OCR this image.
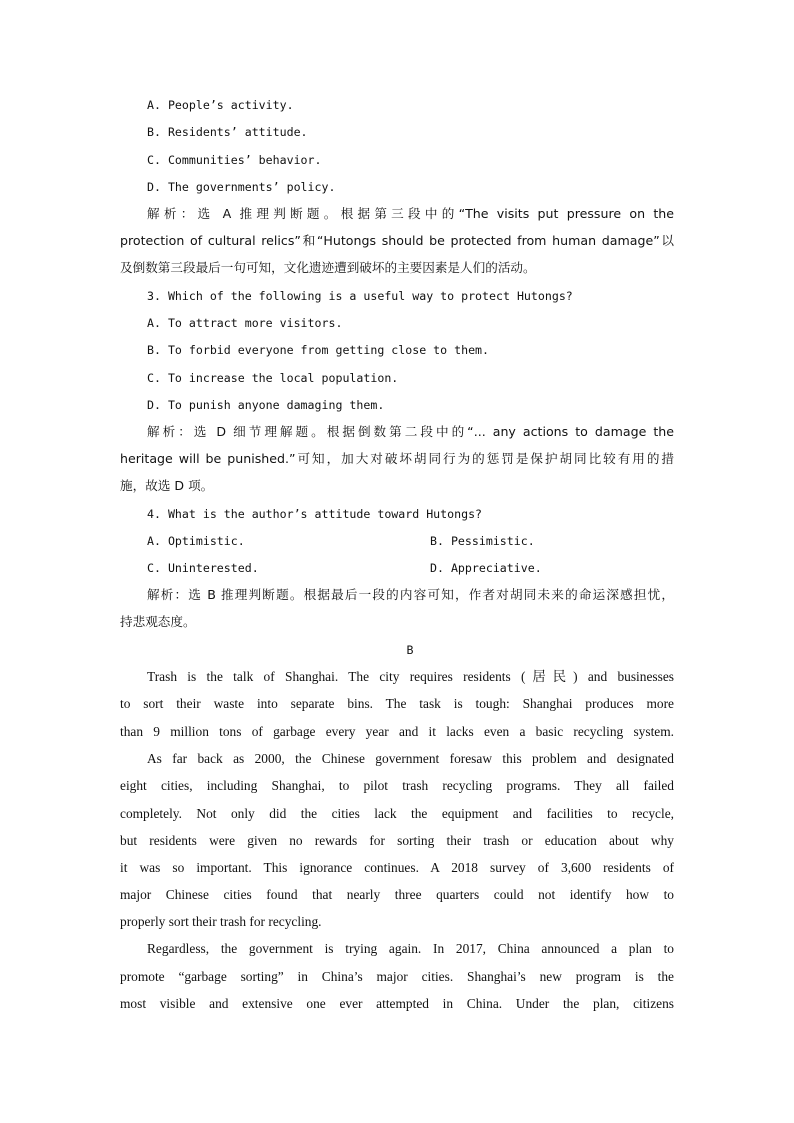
A. People’s activity.
B. Residents’ attitude.
C. Communities’ behavior.
D. The governments’ policy.
解析：选 A 推理判断题。根据第三段中的“The visits put pressure on the
protection of cultural relics”和“Hutongs should be protected from human damage”以
及倒数第三段最后一句可知，文化遗迹遭到破坏的主要因素是人们的活动。
3. Which of the following is a useful way to protect Hutongs?
A. To attract more visitors.
B. To forbid everyone from getting close to them.
C. To increase the local population.
D. To punish anyone damaging them.
解析：选 D 细节理解题。根据倒数第二段中的“... any actions to damage the
heritage will be punished.”可知，加大对破坏胡同行为的惩罚是保护胡同比较有用的措
施，故选 D 项。
4. What is the author’s attitude toward Hutongs?
A. Optimistic.	B. Pessimistic.
C. Uninterested.	D. Appreciative.
解析：选 B 推理判断题。根据最后一段的内容可知，作者对胡同未来的命运深感担忧，
持悲观态度。
B
Trash is the talk of Shanghai. The city requires residents (居民) and businesses
to sort their waste into separate bins. The task is tough: Shanghai produces more
than 9 million tons of garbage every year and it lacks even a basic recycling system.
As far back as 2000, the Chinese government foresaw this problem and designated
eight cities, including Shanghai, to pilot trash recycling programs. They all failed
completely. Not only did the cities lack the equipment and facilities to recycle,
but residents were given no rewards for sorting their trash or education about why
it was so important. This ignorance continues. A 2018 survey of 3,600 residents of
major Chinese cities found that nearly three quarters could not identify how to
properly sort their trash for recycling.
Regardless, the government is trying again. In 2017, China announced a plan to
promote “garbage sorting” in China’s major cities. Shanghai’s new program is the
most visible and extensive one ever attempted in China. Under the plan, citizens
